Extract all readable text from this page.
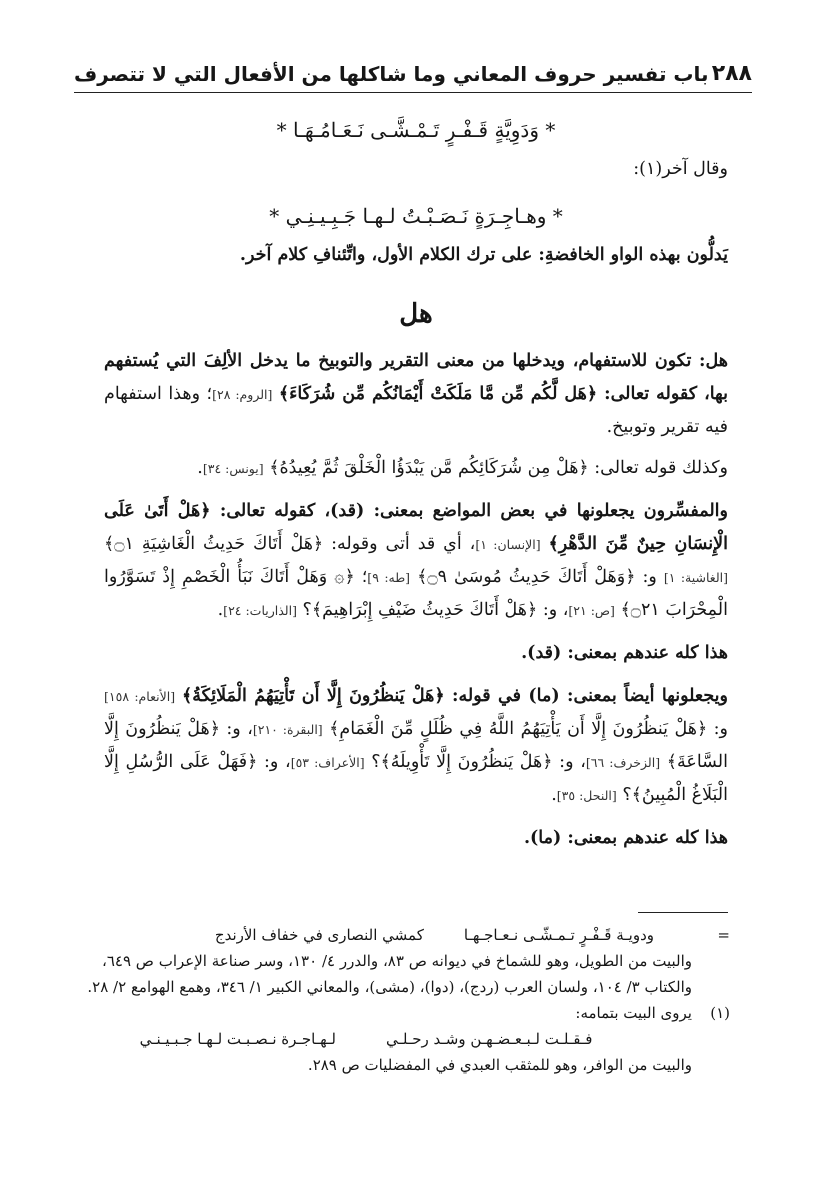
٢٨٨
باب تفسير حروف المعاني وما شاكلها من الأفعال التي لا تتصرف
* وَدَوِيَّةٍ قَـفْـرٍ تَـمْـشَّـى نَـعَـامُـهَـا *

وقال آخر(١):

* وهـاجِـرَةٍ نَـصَـبْـتُ لـهـا جَـبِـيـنِـي *

يَدلُّون بهذه الواو الخافضةِ: على ترك الكلام الأول، واتِّئنافِ كلام آخر.

هل

هل: تكون للاستفهام، ويدخلها من معنى التقرير والتوبيخ ما يدخل الألِفَ التي يُستفهم بها، كقوله تعالى: ﴿هَل لَّكُم مِّن مَّا مَلَكَتْ أَيْمَانُكُم مِّن شُرَكَاءَ﴾ [الروم: ٢٨]؛ وهذا استفهام فيه تقرير وتوبيخ.

وكذلك قوله تعالى: ﴿هَلْ مِن شُرَكَائِكُم مَّن يَبْدَؤُا الْخَلْقَ ثُمَّ يُعِيدُهُ﴾ [يونس: ٣٤].

والمفسِّرون يجعلونها في بعض المواضع بمعنى: (قد)، كقوله تعالى: ﴿هَلْ أَتَىٰ عَلَى الْإِنسَانِ حِينٌ مِّنَ الدَّهْرِ﴾ [الإنسان: ١]، أي قد أتى وقوله: ﴿هَلْ أَتَاكَ حَدِيثُ الْغَاشِيَةِ ۝١﴾ [الغاشية: ١] و: ﴿وَهَلْ أَتَاكَ حَدِيثُ مُوسَىٰ ۝٩﴾ [طه: ٩]؛ ﴿۞ وَهَلْ أَتَاكَ نَبَأُ الْخَصْمِ إِذْ تَسَوَّرُوا الْمِحْرَابَ ۝٢١﴾ [ص: ٢١]، و: ﴿هَلْ أَتَاكَ حَدِيثُ ضَيْفِ إِبْرَاهِيمَ﴾؟ [الذاريات: ٢٤].

هذا كله عندهم بمعنى: (قد).

ويجعلونها أيضاً بمعنى: (ما) في قوله: ﴿هَلْ يَنظُرُونَ إِلَّا أَن تَأْتِيَهُمُ الْمَلَائِكَةُ﴾ [الأنعام: ١٥٨] و: ﴿هَلْ يَنظُرُونَ إِلَّا أَن يَأْتِيَهُمُ اللَّهُ فِي ظُلَلٍ مِّنَ الْغَمَامِ﴾ [البقرة: ٢١٠]، و: ﴿هَلْ يَنظُرُونَ إِلَّا السَّاعَةَ﴾ [الزخرف: ٦٦]، و: ﴿هَلْ يَنظُرُونَ إِلَّا تَأْوِيلَهُ﴾؟ [الأعراف: ٥٣]، و: ﴿فَهَلْ عَلَى الرُّسُلِ إِلَّا الْبَلَاغُ الْمُبِينُ﴾؟ [النحل: ٣٥].

هذا كله عندهم بمعنى: (ما).

=
ودويـة قَـفْـرٍ تـمـشّـى نـعـاجـهـا
كمشي النصارى في خفاف الأرندج
والبيت من الطويل، وهو للشماخ في ديوانه ص ٨٣، والدرر ٤/ ١٣٠، وسر صناعة الإعراب ص ٦٤٩، والكتاب ٣/ ١٠٤، ولسان العرب (ردج)، (دوا)، (مشى)، والمعاني الكبير ١/ ٣٤٦، وهمع الهوامع ٢/ ٢٨.
(١)
يروى البيت بتمامه:
فـقـلـت لـبـعـضـهـن وشـد رحـلـي
لـهـاجـرة نـصـبـت لـهـا جـبـيـنـي
والبيت من الوافر، وهو للمثقب العبدي في المفضليات ص ٢٨٩.
